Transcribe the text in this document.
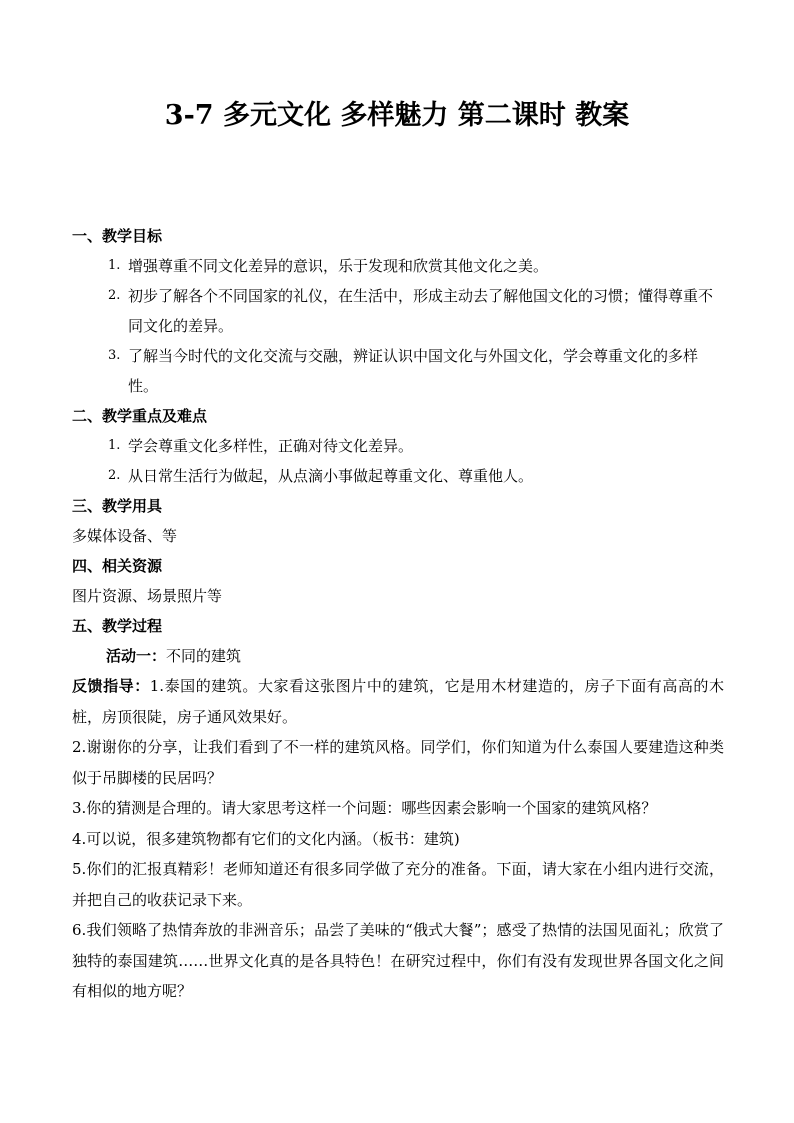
3-7 多元文化 多样魅力 第二课时 教案
一、教学目标
1. 增强尊重不同文化差异的意识，乐于发现和欣赏其他文化之美。
2. 初步了解各个不同国家的礼仪，在生活中，形成主动去了解他国文化的习惯；懂得尊重不同文化的差异。
3. 了解当今时代的文化交流与交融，辨证认识中国文化与外国文化，学会尊重文化的多样性。
二、教学重点及难点
1. 学会尊重文化多样性，正确对待文化差异。
2. 从日常生活行为做起，从点滴小事做起尊重文化、尊重他人。
三、教学用具
多媒体设备、等
四、相关资源
图片资源、场景照片等
五、教学过程
活动一：不同的建筑
反馈指导：1.泰国的建筑。大家看这张图片中的建筑，它是用木材建造的，房子下面有高高的木桩，房顶很陡，房子通风效果好。
2.谢谢你的分享，让我们看到了不一样的建筑风格。同学们，你们知道为什么泰国人要建造这种类似于吊脚楼的民居吗？
3.你的猜测是合理的。请大家思考这样一个问题：哪些因素会影响一个国家的建筑风格？
4.可以说，很多建筑物都有它们的文化内涵。（板书：建筑)
5.你们的汇报真精彩！老师知道还有很多同学做了充分的准备。下面，请大家在小组内进行交流，并把自己的收获记录下来。
6.我们领略了热情奔放的非洲音乐；品尝了美味的“俄式大餐”；感受了热情的法国见面礼；欣赏了独特的泰国建筑……世界文化真的是各具特色！在研究过程中，你们有没有发现世界各国文化之间有相似的地方呢？
